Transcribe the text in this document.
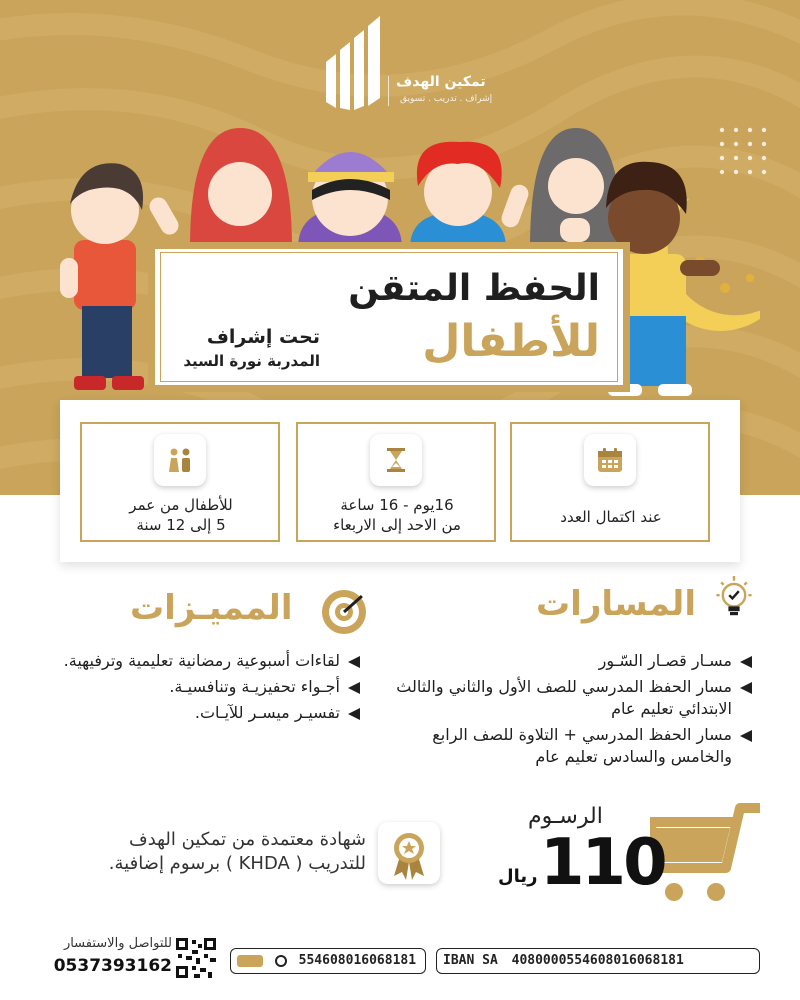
تمكين الهدف
إشراف . تدريب . تسويق
الحفظ المتقن
للأطفال
تحت إشراف
المدربة نورة السيد
عند اكتمال العدد
16يوم - 16 ساعة
من الاحد إلى الاربعاء
للأطفال من عمر
5 إلى 12 سنة
المسارات
مسـار قصـار السّـور
مسار الحفظ المدرسي للصف الأول والثاني والثالث الابتدائي تعليم عام
مسار الحفظ المدرسي + التلاوة للصف الرابع والخامس والسادس تعليم عام
المميـزات
لقاءات أسبوعية رمضانية تعليمية وترفيهية.
أجـواء تحفيزيـة وتنافسيـة.
تفسيـر ميسـر للآيـات.
الرسـوم
110
ريال
شهادة معتمدة من تمكين الهدف
للتدريب ( KHDA ) برسوم إضافية.
IBAN SA 4080000554608016068181
554608016068181
للتواصل والاستفسار
0537393162
